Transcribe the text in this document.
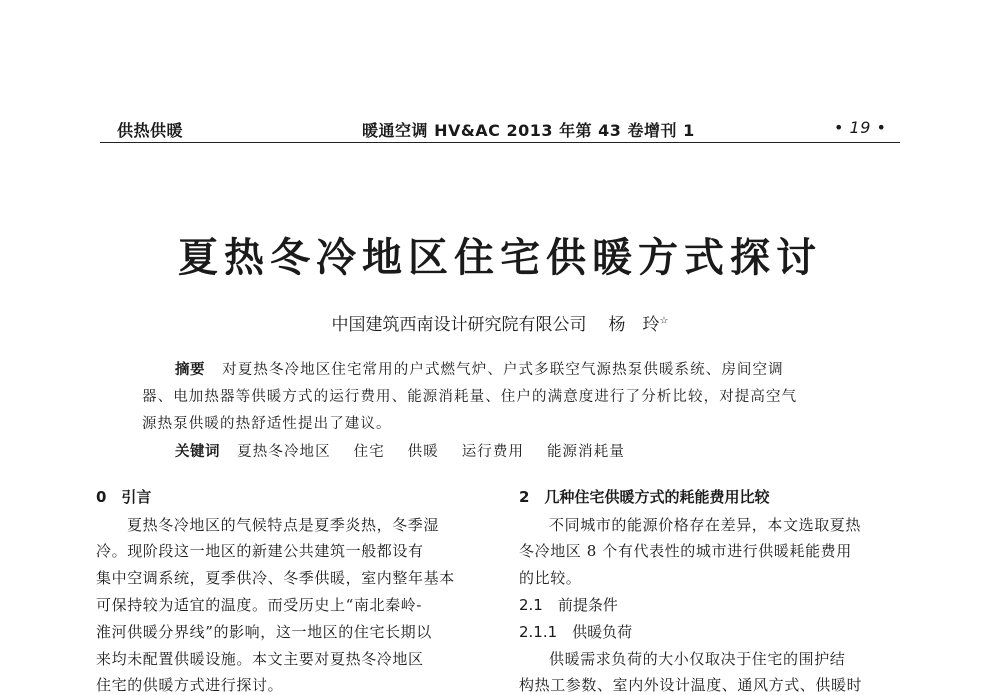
供热供暖	暖通空调 HV&AC 2013 年第 43 卷增刊 1	• 19 •
夏热冬冷地区住宅供暖方式探讨
中国建筑西南设计研究院有限公司 杨　玲☆
摘要 对夏热冬冷地区住宅常用的户式燃气炉、户式多联空气源热泵供暖系统、房间空调
器、电加热器等供暖方式的运行费用、能源消耗量、住户的满意度进行了分析比较，对提高空气
源热泵供暖的热舒适性提出了建议。
关键词 夏热冬冷地区 住宅 供暖 运行费用 能源消耗量
0　引言
夏热冬冷地区的气候特点是夏季炎热，冬季湿
冷。现阶段这一地区的新建公共建筑一般都设有
集中空调系统，夏季供冷、冬季供暖，室内整年基本
可保持较为适宜的温度。而受历史上“南北秦岭-
淮河供暖分界线”的影响，这一地区的住宅长期以
来均未配置供暖设施。本文主要对夏热冬冷地区
住宅的供暖方式进行探讨。
2　几种住宅供暖方式的耗能费用比较
不同城市的能源价格存在差异，本文选取夏热
冬冷地区 8 个有代表性的城市进行供暖耗能费用
的比较。
2.1　前提条件
2.1.1　供暖负荷
供暖需求负荷的大小仅取决于住宅的围护结
构热工参数、室内外设计温度、通风方式、供暖时
